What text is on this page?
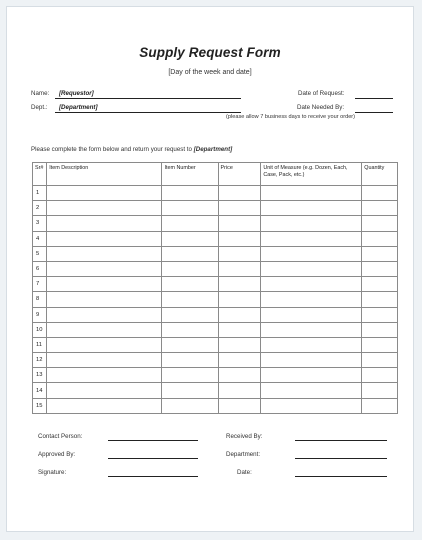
Supply Request Form
[Day of the week and date]
Name: [Requestor]	Date of Request:
Dept.: [Department]	Date Needed By:
(please allow 7 business days to receive your order)
Please complete the form below and return your request to [Department]
Sr#	Item Description	Item Number	Price	Unit of Measure (e.g. Dozen, Each, Case, Pack, etc.)	Quantity
1					
2					
3					
4					
5					
6					
7					
8					
9					
10					
11					
12					
13					
14					
15					
Contact Person:	Received By:
Approved By:	Department:
Signature:	Date:
